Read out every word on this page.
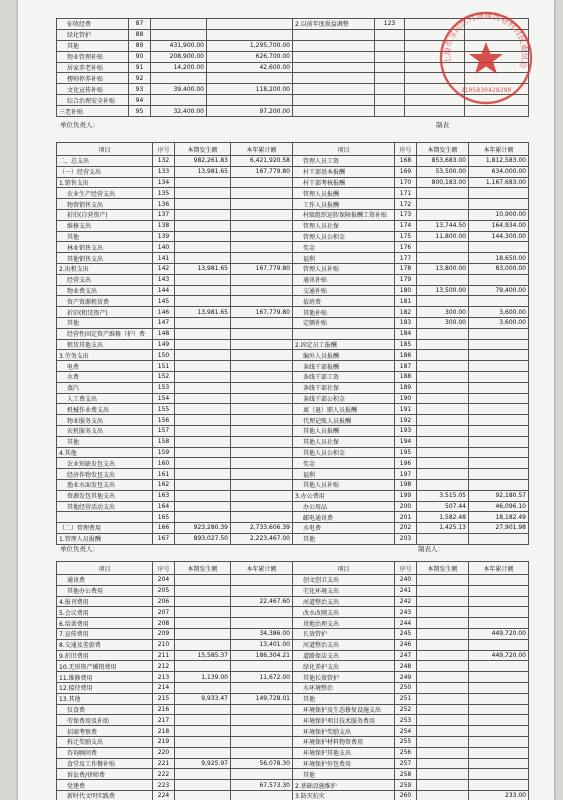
征收经费	87			2.以前年度损益调整	123		
绿化管护	88						
其他	89	431,900.00	1,295,700.00				
物业管理补贴	90	208,900.00	626,700.00				
居家养老补贴	91	14,200.00	42,600.00				
楞帅停养补贴	92						
文化宣传补贴	93	39,400.00	118,200.00				
综合治理安全补贴	94						
三老补贴	95	32,400.00	97,200.00				
单位负责人：	制表
项目	序号	本期发生额	本年累计额	项目	序号	本期发生额	本年累计额
二、总支出	132	982,261.83	6,421,920.58	管理人员工资	168	853,683.00	1,812,583.00
（一）经营支出	133	13,981.65	167,779.80	村干部基本报酬	169	53,500.00	634,000.00
1.销售支出	134			村干部考核报酬	170	800,183.00	1,167,683.00
农业生产经营支出	135			管理人员报酬	171		
物资销售支出	136			工作人员报酬	172		
折旧(自营资产)	137			村级组织运转保障报酬工资补贴	173		10,900.00
维修支出	138			管理人员社保	174	13,744.50	164,934.00
其他	139			管理人员公积金	175	11,800.00	144,300.00
林业销售支出	140			奖金	176		
其他销售支出	141			福利	177		18,650.00
2.出租支出	142	13,981.65	167,779.80	管理人员补贴	178	13,800.00	83,000.00
经营支出	143			通讯补贴	179		
物业费支出	144			交通补贴	180	13,500.00	79,400.00
资产资源租赁费	145			值班费	181		
折旧(租赁资产)	146	13,981.65	167,779.80	其他补贴	182	300.00	3,600.00
其他	147			定额补贴	183	300.00	3,600.00
经营性固定资产维修（护）费	148				184		
租赁其他支出	149			2.固定员工报酬	185		
3.劳务支出	150			编外人员报酬	186		
电费	151			条线干部报酬	187		
水费	152			条线干部工资	188		
蒸汽	153			条线干部社保	189		
人工费支出	154			条线干部公积金	190		
机械作业费支出	155			离（退）职人员报酬	191		
物业服务支出	156			代理记账人员报酬	192		
农机服务支出	157			其他人员报酬	193		
其他	158			其他人员社保	194		
4.其他	159			其他人员公积金	195		
农业短缺发包支出	160			奖金	196		
经济作物发包支出	161			福利	197		
渔业水面发包支出	162			其他人员补贴	198		
资源发包其他支出	163			3.办公费用	199	3,515.05	92,180.57
其他经营活动支出	164			办公用品	200	507.44	46,096.10
	165			邮电通讯费	201	1,582.48	18,182.49
（二）管理费用	166	923,280.39	2,733,606.39	水电费	202	1,425.13	27,901.98
1.管理人员报酬	167	893,027.50	2,223,467.00	其他	203		
单位负责人：	制表人：
项目	序号	本期发生额	本年累计额	项目	序号	本期发生额	本年累计额
通讯费	204			创文创卫支出	240		
其他办公费用	205			宅化环境支出	241		
4.报刊费用	206		22,467.60	河道整治支出	242		
5.会议费用	207			改水改厕支出	243		
6.培训费用	208			基地治理支出	244		
7.宣传费用	209		34,386.00	长效管护	245		449,720.00
8.交通及差旅费	210		13,401.00	河道整治支出	246		
9.折旧费用	211	15,585.37	186,304.21	道路保洁支出	247		449,720.00
10.无形资产摊销费用	212			绿化养护支出	248		
11.维修费用	213	1,139.00	11,672.00	其他长效管护	249		
12.接待费用	214			水环境整治	250		
13.其他	215	9,933.47	149,728.01	其他	251		
仪食费	216			环境保护及生态修复设施支出	252		
劳保费用及补助	217			环境保护项目技术服务费用	253		
招商考察费	218			环境保护奖励支出	254		
拆迁奖励支出	219			环境保护材料物资费用	255		
咨询顾问费	220			环境保护其他支出	256		
食堂及工作餐补贴	221	9,925.97	56,078.30	环境保护外包费用	257		
诉讼费/律师费	222			其他	258		
党建费	223		67,573.30	2.基础设施维护	259		
新时代文明实践费	224			3.防灾抗灾	260		233.00
上海市宝山区月浦镇沈巷村村民委员会
3105830428290
